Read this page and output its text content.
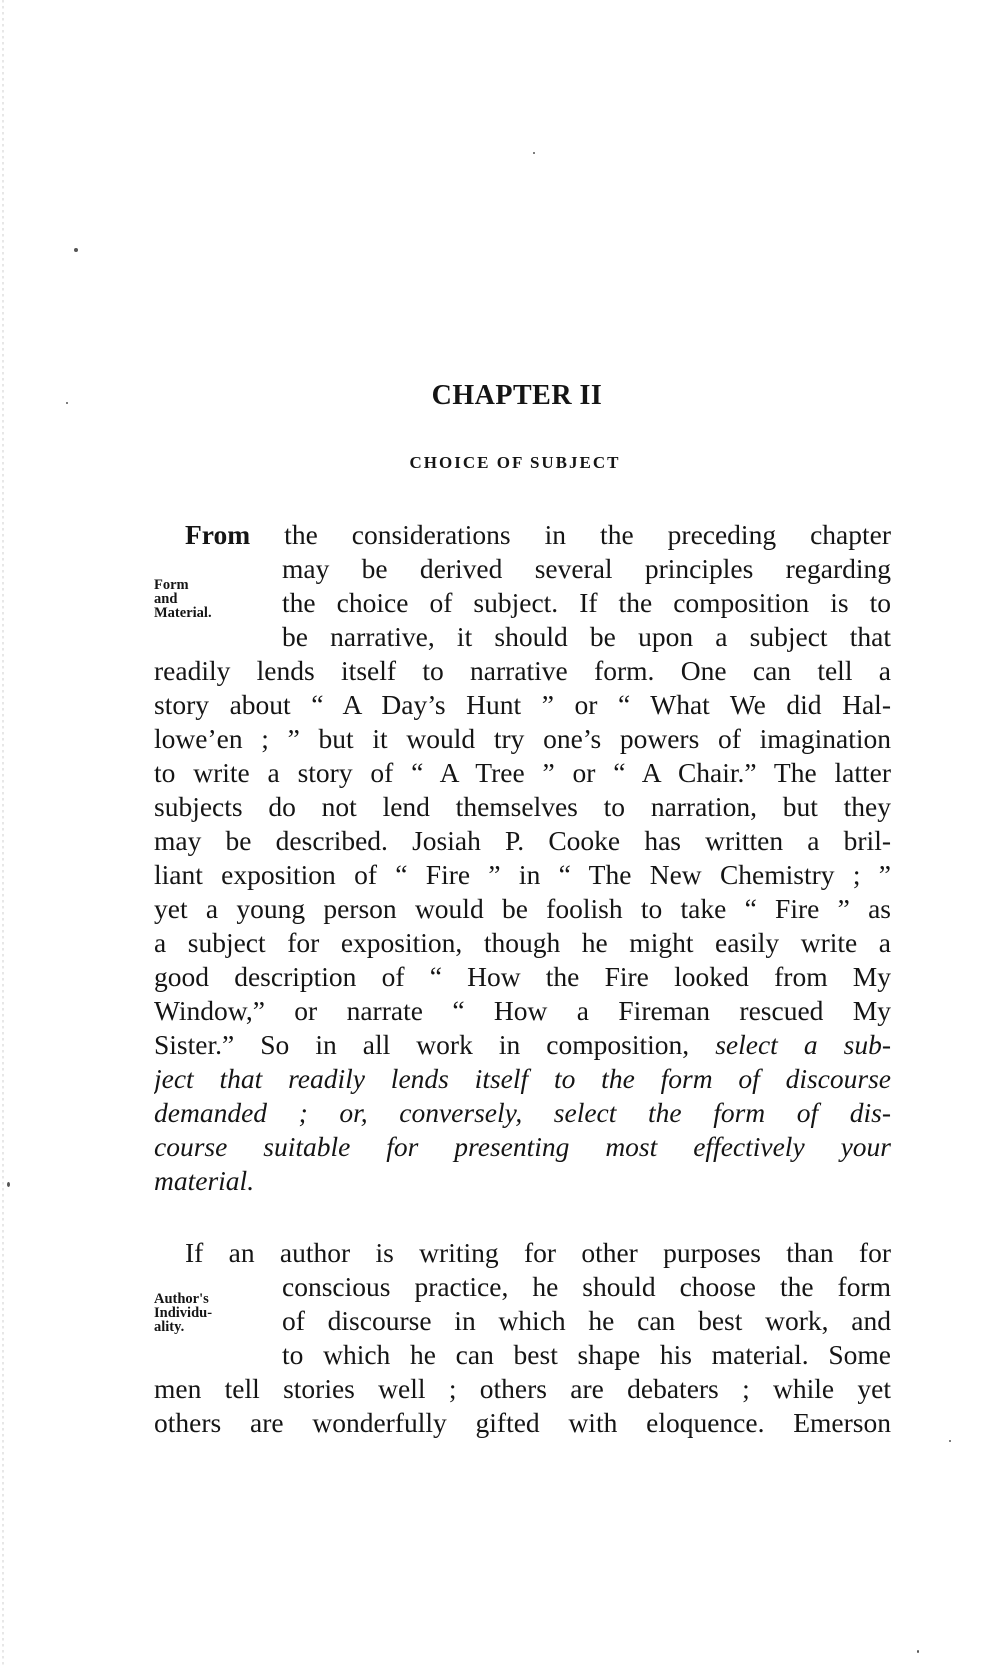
CHAPTER II
CHOICE OF SUBJECT
Form
and
Material.
From the considerations in the preceding chapter
may be derived several principles regarding
the choice of subject. If the composition is to
be narrative, it should be upon a subject that
readily lends itself to narrative form. One can tell a
story about “ A Day’s Hunt ” or “ What We did Hal-
lowe’en ; ” but it would try one’s powers of imagination
to write a story of “ A Tree ” or “ A Chair.” The latter
subjects do not lend themselves to narration, but they
may be described. Josiah P. Cooke has written a bril-
liant exposition of “ Fire ” in “ The New Chemistry ; ”
yet a young person would be foolish to take “ Fire ” as
a subject for exposition, though he might easily write a
good description of “ How the Fire looked from My
Window,” or narrate “ How a Fireman rescued My
Sister.” So in all work in composition, select a sub-
ject that readily lends itself to the form of discourse
demanded ; or, conversely, select the form of dis-
course suitable for presenting most effectively your
material.
Author's
Individu-
ality.
If an author is writing for other purposes than for
conscious practice, he should choose the form
of discourse in which he can best work, and
to which he can best shape his material. Some
men tell stories well ; others are debaters ; while yet
others are wonderfully gifted with eloquence. Emerson
